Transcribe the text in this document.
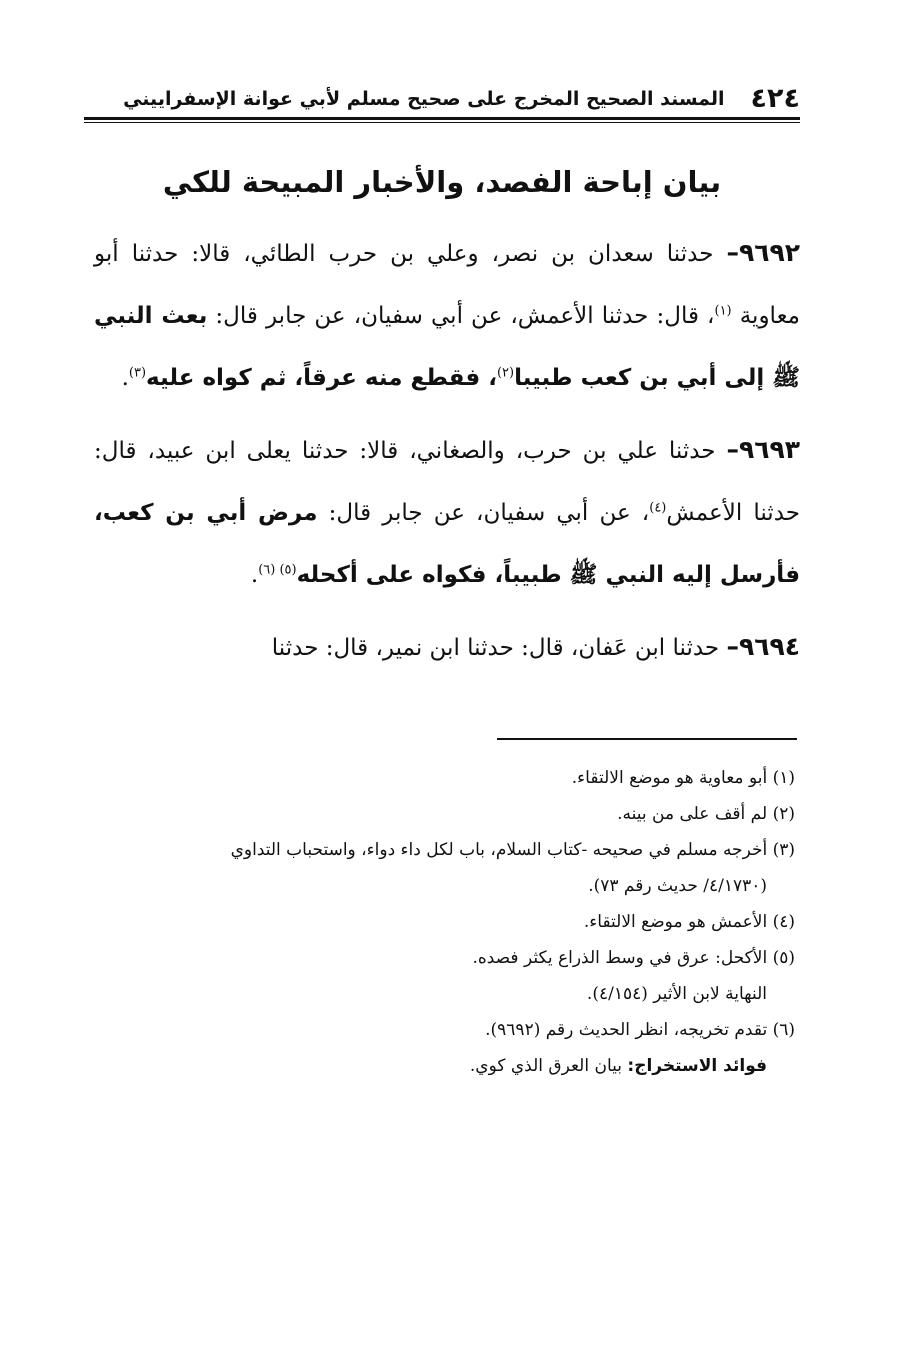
٤٢٤
المسند الصحيح المخرج على صحيح مسلم لأبي عوانة الإسفراييني
بيان إباحة الفصد، والأخبار المبيحة للكي

٩٦٩٢– حدثنا سعدان بن نصر، وعلي بن حرب الطائي، قالا: حدثنا أبو معاوية $^{(١)}$، قال: حدثنا الأعمش، عن أبي سفيان، عن جابر قال: بعث النبي ﷺ إلى أبي بن كعب طبيبا$^{(٢)}$، فقطع منه عرقاً، ثم كواه عليه$^{(٣)}$.

٩٦٩٣– حدثنا علي بن حرب، والصغاني، قالا: حدثنا يعلى ابن عبيد، قال: حدثنا الأعمش$^{(٤)}$، عن أبي سفيان، عن جابر قال: مرض أبي بن كعب، فأرسل إليه النبي ﷺ طبيباً، فكواه على أكحله$^{(٥) (٦)}$.

٩٦٩٤– حدثنا ابن عَفان، قال: حدثنا ابن نمير، قال: حدثنا

(١) أبو معاوية هو موضع الالتقاء.

(٢) لم أقف على من بينه.

(٣) أخرجه مسلم في صحيحه -كتاب السلام، باب لكل داء دواء، واستحباب التداوي

(٤/١٧٣٠/ حديث رقم ٧٣).

(٤) الأعمش هو موضع الالتقاء.

(٥) الأكحل: عرق في وسط الذراع يكثر فصده.

النهاية لابن الأثير (٤/١٥٤).

(٦) تقدم تخريجه، انظر الحديث رقم (٩٦٩٢).

فوائد الاستخراج: بيان العرق الذي كوي.
